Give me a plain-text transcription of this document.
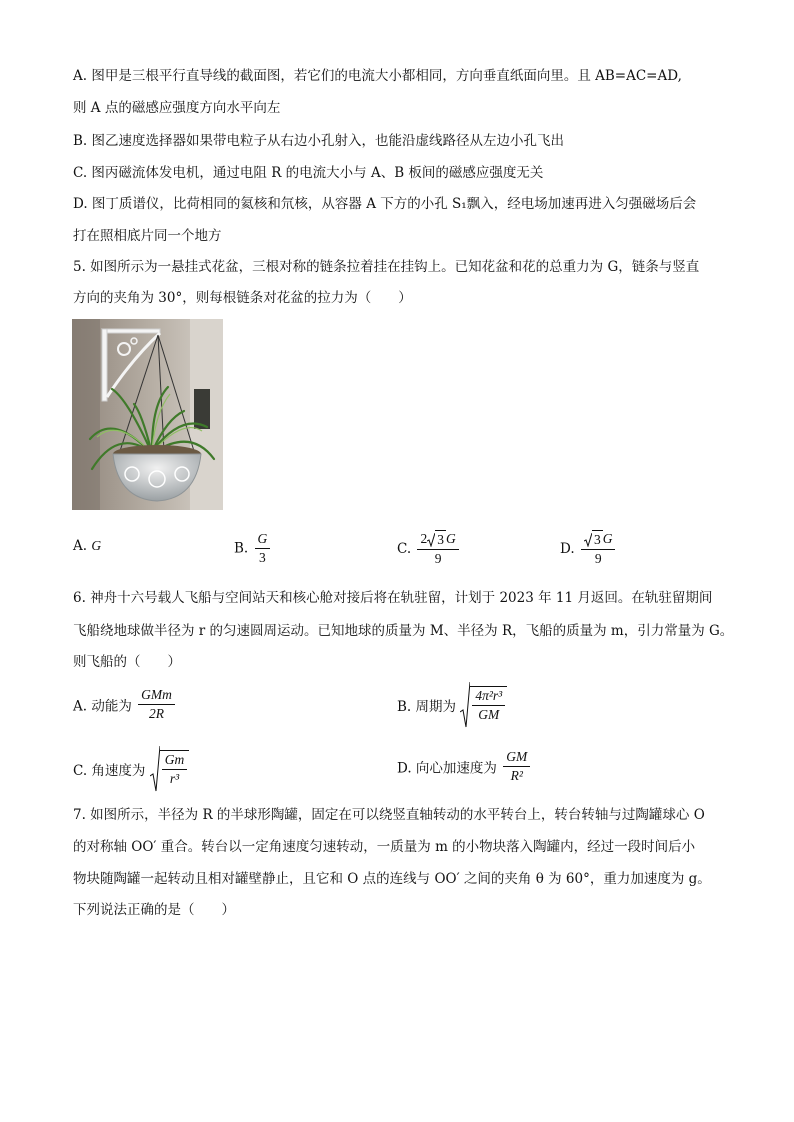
A. 图甲是三根平行直导线的截面图，若它们的电流大小都相同，方向垂直纸面向里。且 AB=AC=AD,
则 A 点的磁感应强度方向水平向左
B. 图乙速度选择器如果带电粒子从右边小孔射入，也能沿虚线路径从左边小孔飞出
C. 图丙磁流体发电机，通过电阻 R 的电流大小与 A、B 板间的磁感应强度无关
D. 图丁质谱仪，比荷相同的氦核和氘核，从容器 A 下方的小孔 S₁飘入，经电场加速再进入匀强磁场后会
打在照相底片同一个地方
5. 如图所示为一悬挂式花盆，三根对称的链条拉着挂在挂钩上。已知花盆和花的总重力为 G，链条与竖直
方向的夹角为 30°，则每根链条对花盆的拉力为（　　）
A. G	B. $\frac{G}{3}$	C. $\frac{2 3 G}{9}$	D. $\frac{3 G}{9}$
6. 神舟十六号载人飞船与空间站天和核心舱对接后将在轨驻留，计划于 2023 年 11 月返回。在轨驻留期间
飞船绕地球做半径为 r 的匀速圆周运动。已知地球的质量为 M、半径为 R，飞船的质量为 m，引力常量为 G。
则飞船的（　　）
A. 动能为 $\frac{\text{GMm}}{2R}$	B. 周期为 $\frac{\text{4π²r³}}{GM}$
C. 角速度为 $\frac{Gm}{\text{r³}}$	D. 向心加速度为 $\frac{GM}{\text{R²}}$
7. 如图所示，半径为 R 的半球形陶罐，固定在可以绕竖直轴转动的水平转台上，转台转轴与过陶罐球心 O
的对称轴 OO′ 重合。转台以一定角速度匀速转动，一质量为 m 的小物块落入陶罐内，经过一段时间后小
物块随陶罐一起转动且相对罐壁静止，且它和 O 点的连线与 OO′ 之间的夹角 θ 为 60°，重力加速度为 g。
下列说法正确的是（　　）
